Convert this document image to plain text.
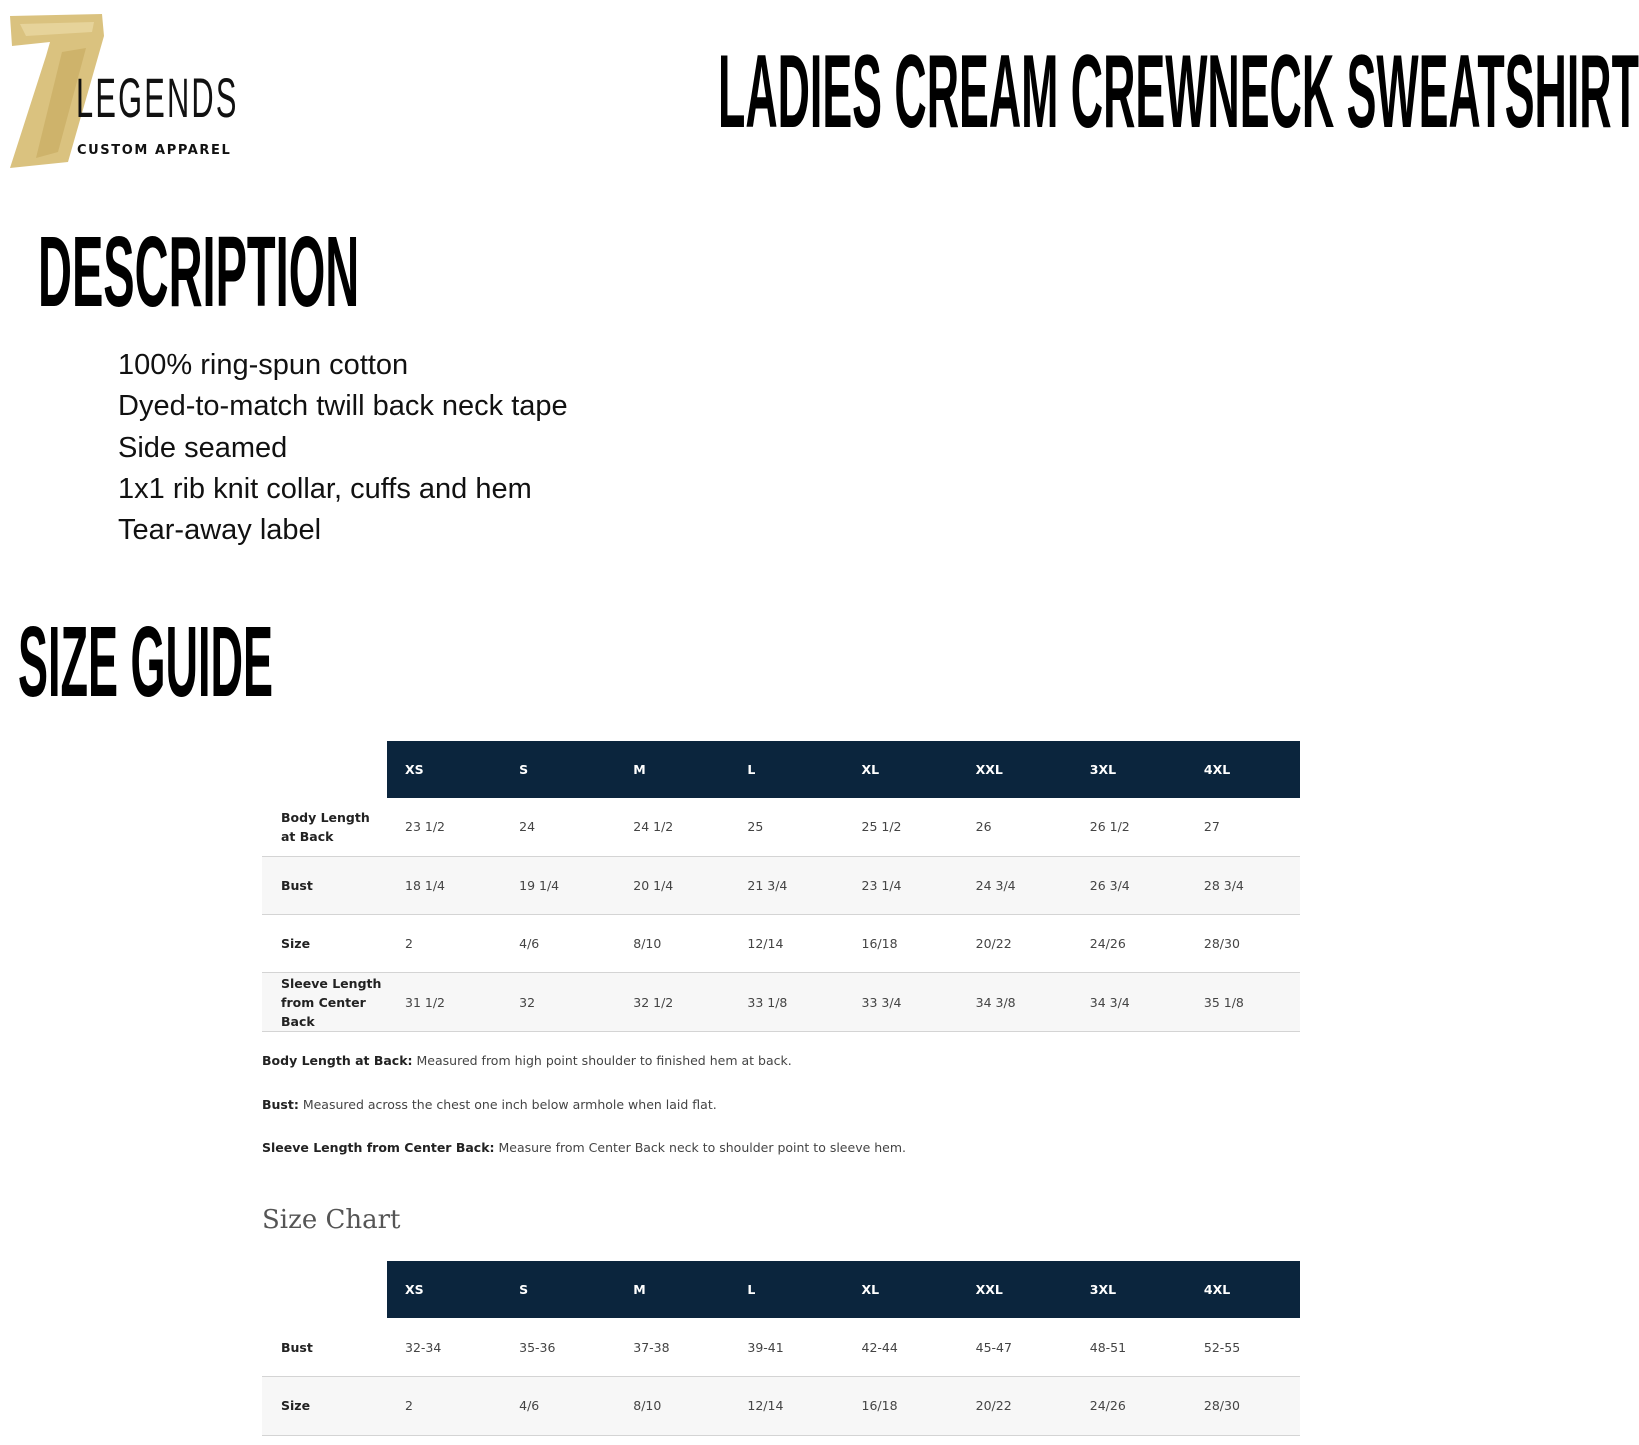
LEGENDS
CUSTOM APPAREL
LADIES CREAM CREWNECK SWEATSHIRT
DESCRIPTION
100% ring-spun cotton
Dyed-to-match twill back neck tape
Side seamed
1x1 rib knit collar, cuffs and hem
Tear-away label
SIZE GUIDE
	XS	S	M	L	XL	XXL	3XL	4XL
Body Length at Back	23 1/2	24	24 1/2	25	25 1/2	26	26 1/2	27
Bust	18 1/4	19 1/4	20 1/4	21 3/4	23 1/4	24 3/4	26 3/4	28 3/4
Size	2	4/6	8/10	12/14	16/18	20/22	24/26	28/30
Sleeve Length from Center Back	31 1/2	32	32 1/2	33 1/8	33 3/4	34 3/8	34 3/4	35 1/8

Body Length at Back: Measured from high point shoulder to finished hem at back.

Bust: Measured across the chest one inch below armhole when laid flat.

Sleeve Length from Center Back: Measure from Center Back neck to shoulder point to sleeve hem.

Size Chart
	XS	S	M	L	XL	XXL	3XL	4XL
Bust	32-34	35-36	37-38	39-41	42-44	45-47	48-51	52-55
Size	2	4/6	8/10	12/14	16/18	20/22	24/26	28/30
